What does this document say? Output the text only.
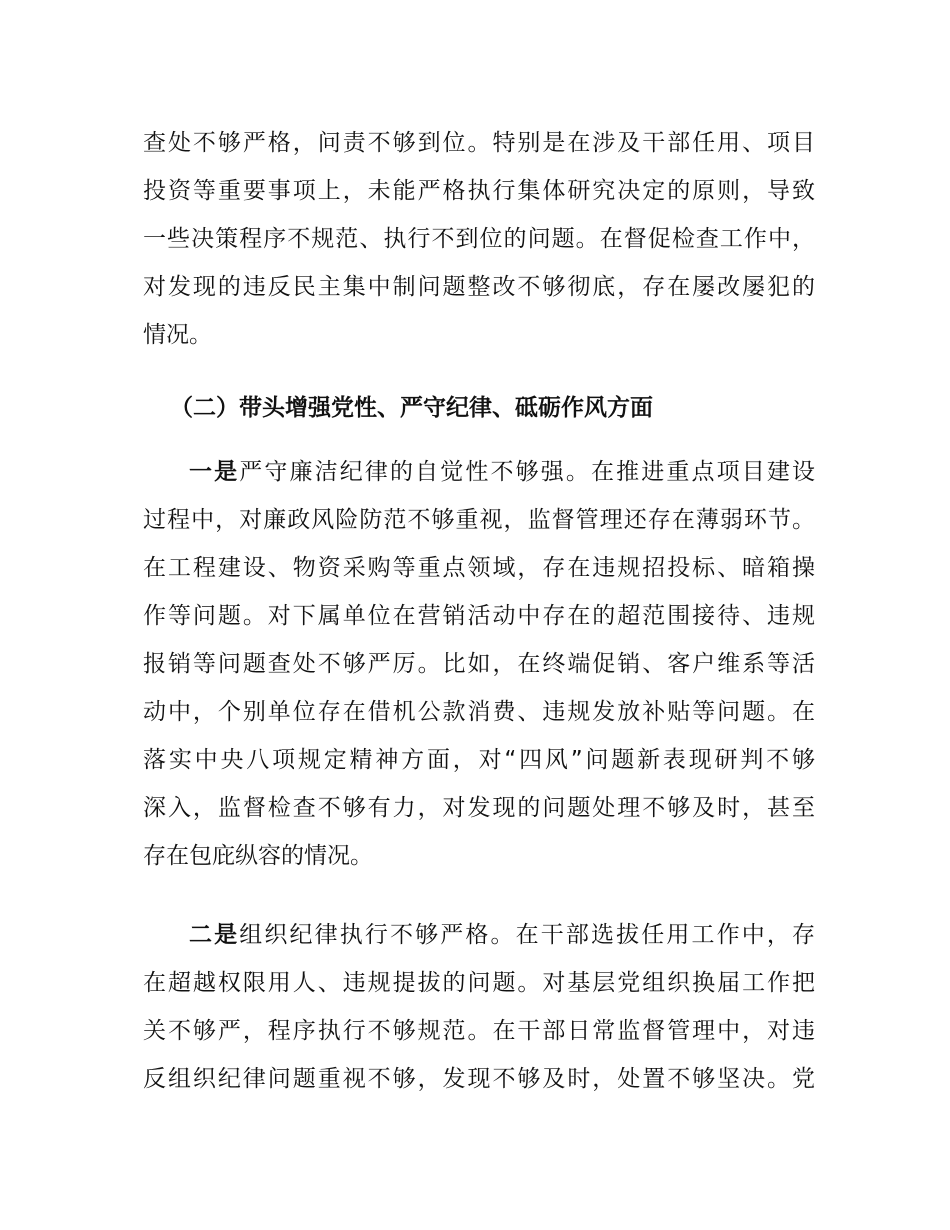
查处不够严格，问责不够到位。特别是在涉及干部任用、项目
投资等重要事项上，未能严格执行集体研究决定的原则，导致
一些决策程序不规范、执行不到位的问题。在督促检查工作中，
对发现的违反民主集中制问题整改不够彻底，存在屡改屡犯的
情况。
（二）带头增强党性、严守纪律、砥砺作风方面
一是严守廉洁纪律的自觉性不够强。在推进重点项目建设
过程中，对廉政风险防范不够重视，监督管理还存在薄弱环节。
在工程建设、物资采购等重点领域，存在违规招投标、暗箱操
作等问题。对下属单位在营销活动中存在的超范围接待、违规
报销等问题查处不够严厉。比如，在终端促销、客户维系等活
动中，个别单位存在借机公款消费、违规发放补贴等问题。在
落实中央八项规定精神方面，对“四风”问题新表现研判不够
深入，监督检查不够有力，对发现的问题处理不够及时，甚至
存在包庇纵容的情况。
二是组织纪律执行不够严格。在干部选拔任用工作中，存
在超越权限用人、违规提拔的问题。对基层党组织换届工作把
关不够严，程序执行不够规范。在干部日常监督管理中，对违
反组织纪律问题重视不够，发现不够及时，处置不够坚决。党
